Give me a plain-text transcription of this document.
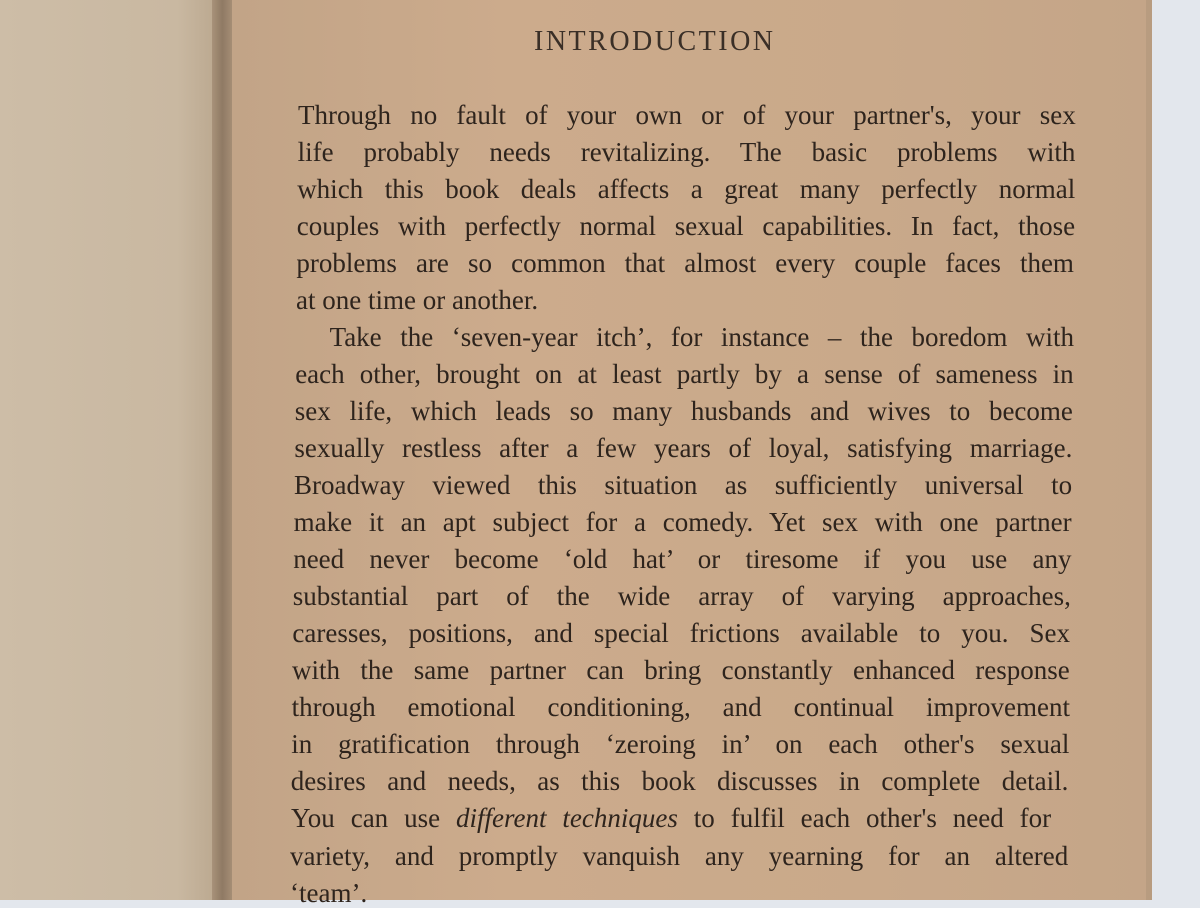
INTRODUCTION
Through no fault of your own or of your partner's, your sex
life probably needs revitalizing. The basic problems with
which this book deals affects a great many perfectly normal
couples with perfectly normal sexual capabilities. In fact, those
problems are so common that almost every couple faces them
at one time or another.
Take the ‘seven-year itch’, for instance – the boredom with
each other, brought on at least partly by a sense of sameness in
sex life, which leads so many husbands and wives to become
sexually restless after a few years of loyal, satisfying marriage.
Broadway viewed this situation as sufficiently universal to
make it an apt subject for a comedy. Yet sex with one partner
need never become ‘old hat’ or tiresome if you use any
substantial part of the wide array of varying approaches,
caresses, positions, and special frictions available to you. Sex
with the same partner can bring constantly enhanced response
through emotional conditioning, and continual improvement
in gratification through ‘zeroing in’ on each other's sexual
desires and needs, as this book discusses in complete detail.
You can use different techniques to fulfil each other's need for
variety, and promptly vanquish any yearning for an altered
‘team’.
